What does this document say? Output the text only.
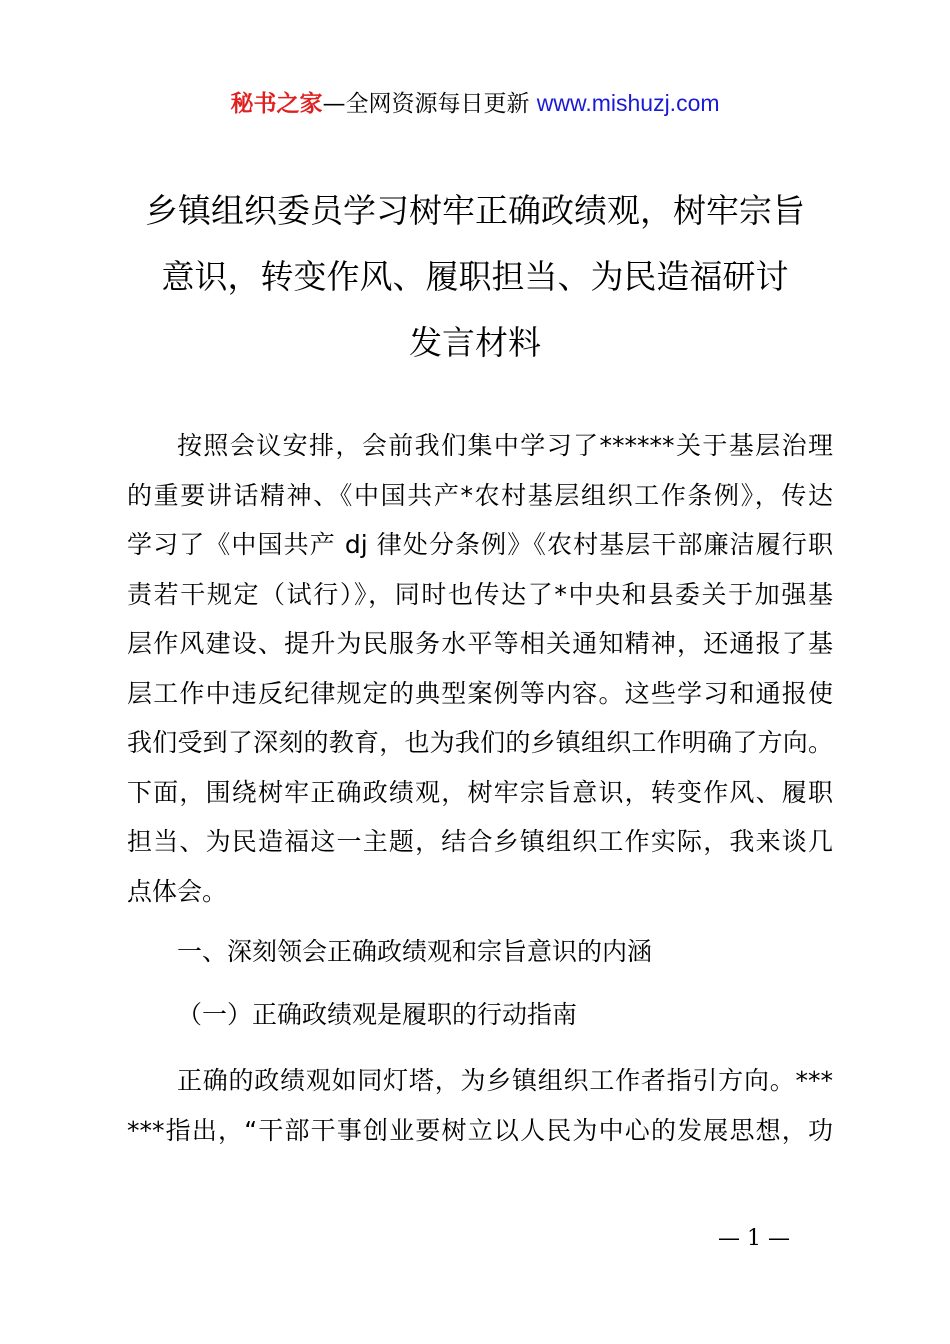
秘书之家—全网资源每日更新 www.mishuzj.com
乡镇组织委员学习树牢正确政绩观，树牢宗旨
意识，转变作风、履职担当、为民造福研讨
发言材料
按照会议安排，会前我们集中学习了******关于基层治理
的重要讲话精神、《中国共产*农村基层组织工作条例》，传达
学习了《中国共产 dj 律处分条例》《农村基层干部廉洁履行职
责若干规定（试行）》，同时也传达了*中央和县委关于加强基
层作风建设、提升为民服务水平等相关通知精神，还通报了基
层工作中违反纪律规定的典型案例等内容。这些学习和通报使
我们受到了深刻的教育，也为我们的乡镇组织工作明确了方向。
下面，围绕树牢正确政绩观，树牢宗旨意识，转变作风、履职
担当、为民造福这一主题，结合乡镇组织工作实际，我来谈几
点体会。
一、深刻领会正确政绩观和宗旨意识的内涵
（一）正确政绩观是履职的行动指南
正确的政绩观如同灯塔，为乡镇组织工作者指引方向。***
***指出，“干部干事创业要树立以人民为中心的发展思想，功
— 1 —
